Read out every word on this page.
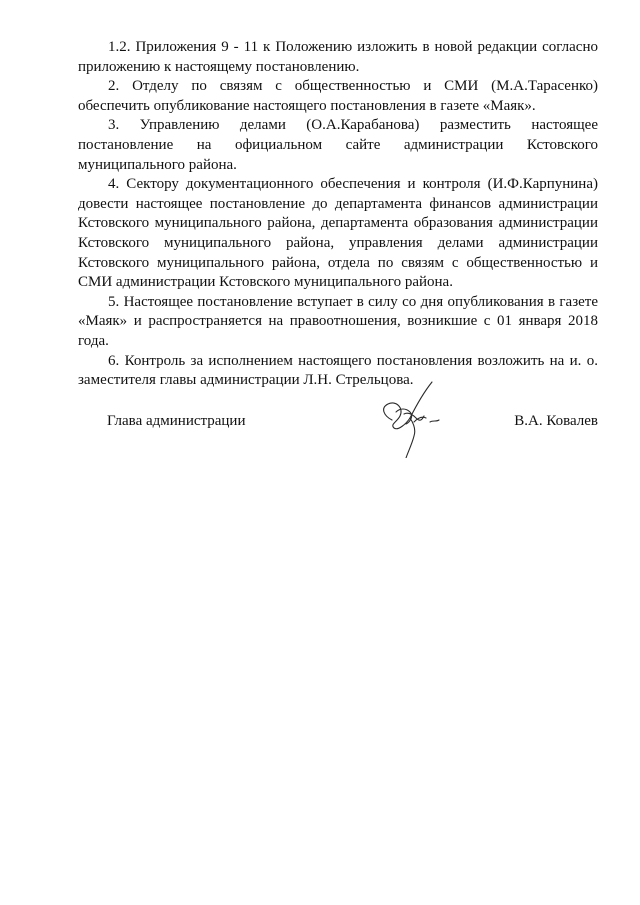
1.2. Приложения 9 - 11 к Положению изложить в новой редакции согласно приложению к настоящему постановлению.

2. Отделу по связям с общественностью и СМИ (М.А.Тарасенко) обеспечить опубликование настоящего постановления в газете «Маяк».

3. Управлению делами (О.А.Карабанова) разместить настоящее постановление на официальном сайте администрации Кстовского муниципального района.

4. Сектору документационного обеспечения и контроля (И.Ф.Карпунина) довести настоящее постановление до департамента финансов администрации Кстовского муниципального района, департамента образования администрации Кстовского муниципального района, управления делами администрации Кстовского муниципального района, отдела по связям с общественностью и СМИ администрации Кстовского муниципального района.

5. Настоящее постановление вступает в силу со дня опубликования в газете «Маяк» и распространяется на правоотношения, возникшие с 01 января 2018 года.

6. Контроль за исполнением настоящего постановления возложить на и. о. заместителя главы администрации Л.Н. Стрельцова.

Глава администрации	В.А. Ковалев
